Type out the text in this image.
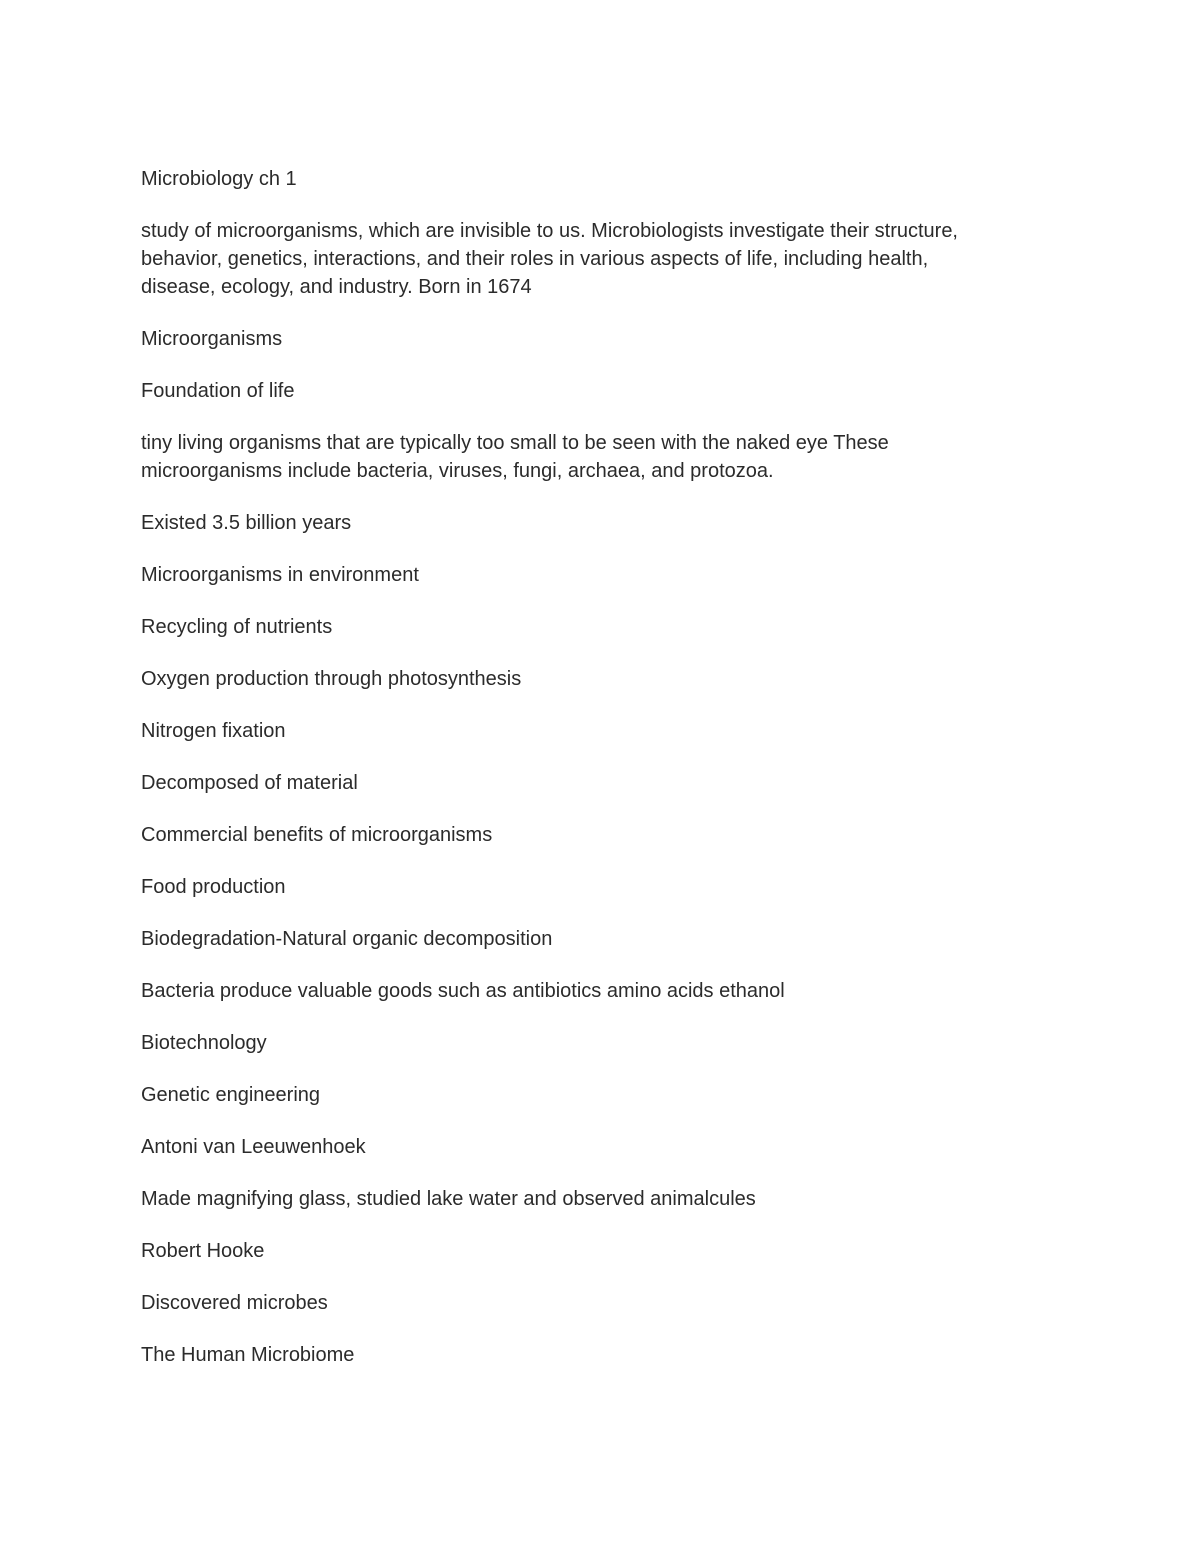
Microbiology ch 1

study of microorganisms, which are invisible to us. Microbiologists investigate their structure,
behavior, genetics, interactions, and their roles in various aspects of life, including health,
disease, ecology, and industry. Born in 1674

Microorganisms

Foundation of life

tiny living organisms that are typically too small to be seen with the naked eye These
microorganisms include bacteria, viruses, fungi, archaea, and protozoa.

Existed 3.5 billion years

Microorganisms in environment

Recycling of nutrients

Oxygen production through photosynthesis

Nitrogen fixation

Decomposed of material

Commercial benefits of microorganisms

Food production

Biodegradation-Natural organic decomposition

Bacteria produce valuable goods such as antibiotics amino acids ethanol

Biotechnology

Genetic engineering

Antoni van Leeuwenhoek

Made magnifying glass, studied lake water and observed animalcules

Robert Hooke

Discovered microbes

The Human Microbiome
